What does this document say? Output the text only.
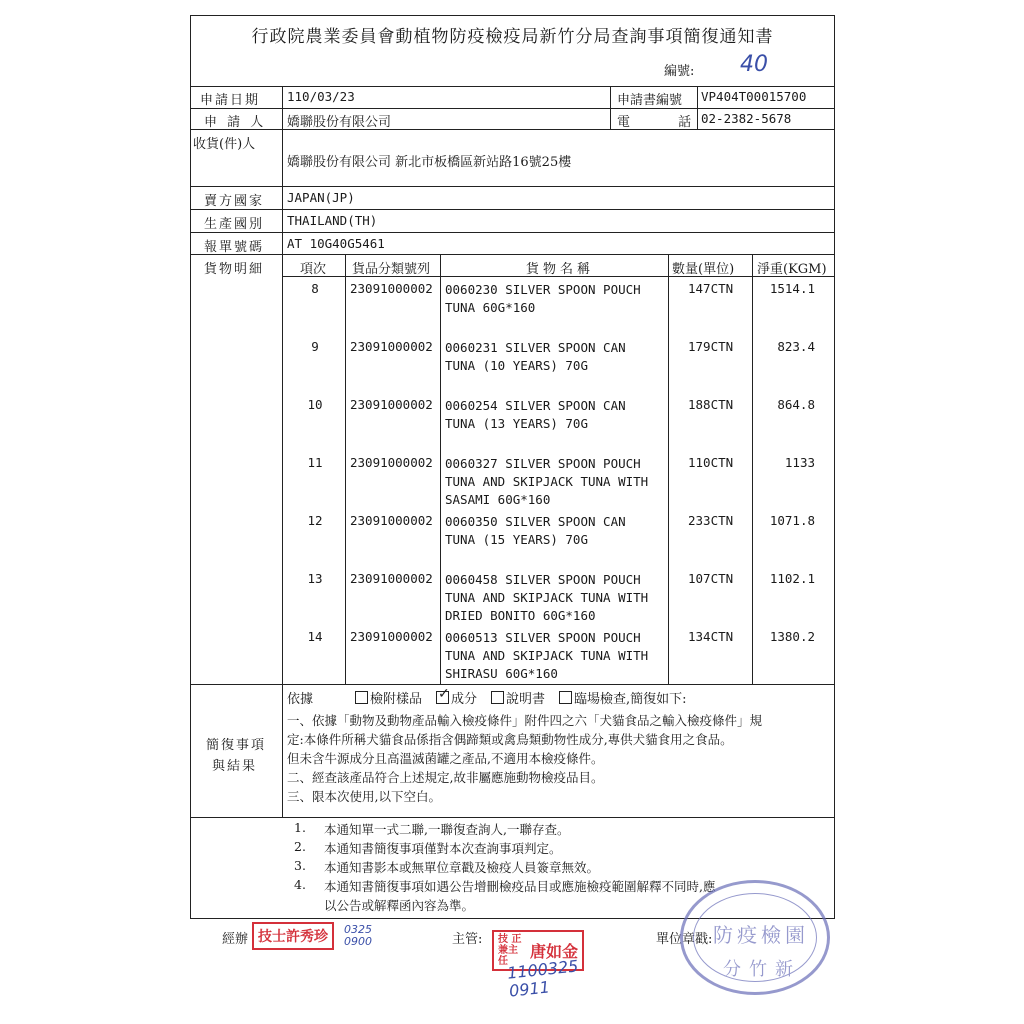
行政院農業委員會動植物防疫檢疫局新竹分局查詢事項簡復通知書
編號: 40
申請日期 110/03/23	申請書編號 VP404T00015700
申 請 人 嬌聯股份有限公司	電 話
02-2382-5678
收貨(件)人
嬌聯股份有限公司 新北市板橋區新站路16號25樓
賣方國家 JAPAN(JP)
生產國別 THAILAND(TH)
報單號碼 AT 10G40G5461
貨物明細	項次 貨品分類號列	貨物名稱	數量(單位) 淨重(KGM)
8	23091000002 0060230 SILVER SPOON POUCH
TUNA 60G*160
147CTN	1514.1
9	23091000002 0060231 SILVER SPOON CAN
TUNA (10 YEARS) 70G
179CTN	823.4
10 23091000002 0060254 SILVER SPOON CAN
TUNA (13 YEARS) 70G
188CTN	864.8
11 23091000002 0060327 SILVER SPOON POUCH
TUNA AND SKIPJACK TUNA WITH
SASAMI 60G*160
110CTN	1133
12 23091000002 0060350 SILVER SPOON CAN
TUNA (15 YEARS) 70G
233CTN	1071.8
13 23091000002 0060458 SILVER SPOON POUCH
TUNA AND SKIPJACK TUNA WITH
DRIED BONITO 60G*160
107CTN	1102.1
14 23091000002 0060513 SILVER SPOON POUCH
TUNA AND SKIPJACK TUNA WITH
SHIRASU 60G*160
134CTN	1380.2
依據	檢附樣品✓ 成分 說明書 臨場檢查,簡復如下:
簡復事項
與結果
一、依據「動物及動物產品輸入檢疫條件」附件四之六「犬貓食品之輸入檢疫條件」規
定:本條件所稱犬貓食品係指含偶蹄類或禽鳥類動物性成分,專供犬貓食用之食品。
但未含牛源成分且高溫滅菌罐之產品,不適用本檢疫條件。
二、經查該產品符合上述規定,故非屬應施動物檢疫品目。
三、限本次使用,以下空白。
1. 本通知單一式二聯,一聯復查詢人,一聯存查。
2. 本通知書簡復事項僅對本次查詢事項判定。
3. 本通知書影本或無單位章戳及檢疫人員簽章無效。
4. 本通知書簡復事項如遇公告增刪檢疫品目或應施檢疫範圍解釋不同時,應
以公告或解釋函內容為準。
經辦 技士許秀珍	0325 0900	主管: 技 正 兼主任
唐如金
1100325 0911
單位章戳: 防疫檢園
分竹新
